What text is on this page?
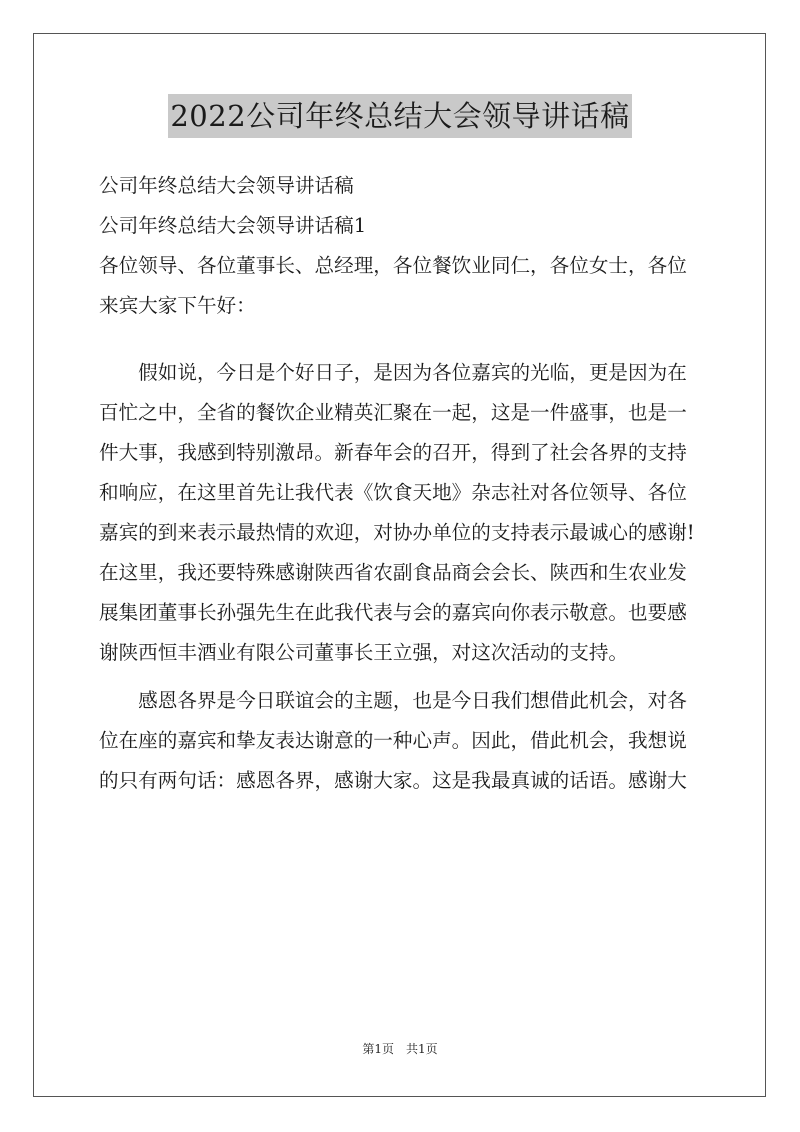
2022公司年终总结大会领导讲话稿
公司年终总结大会领导讲话稿
公司年终总结大会领导讲话稿1
各位领导、各位董事长、总经理，各位餐饮业同仁，各位女士，各位
来宾大家下午好：
　　假如说，今日是个好日子，是因为各位嘉宾的光临，更是因为在
百忙之中，全省的餐饮企业精英汇聚在一起，这是一件盛事，也是一
件大事，我感到特别激昂。新春年会的召开，得到了社会各界的支持
和响应，在这里首先让我代表《饮食天地》杂志社对各位领导、各位
嘉宾的到来表示最热情的欢迎，对协办单位的支持表示最诚心的感谢!
在这里，我还要特殊感谢陕西省农副食品商会会长、陕西和生农业发
展集团董事长孙强先生在此我代表与会的嘉宾向你表示敬意。也要感
谢陕西恒丰酒业有限公司董事长王立强，对这次活动的支持。
　　感恩各界是今日联谊会的主题，也是今日我们想借此机会，对各
位在座的嘉宾和挚友表达谢意的一种心声。因此，借此机会，我想说
的只有两句话：感恩各界，感谢大家。这是我最真诚的话语。感谢大
第1页　共1页
